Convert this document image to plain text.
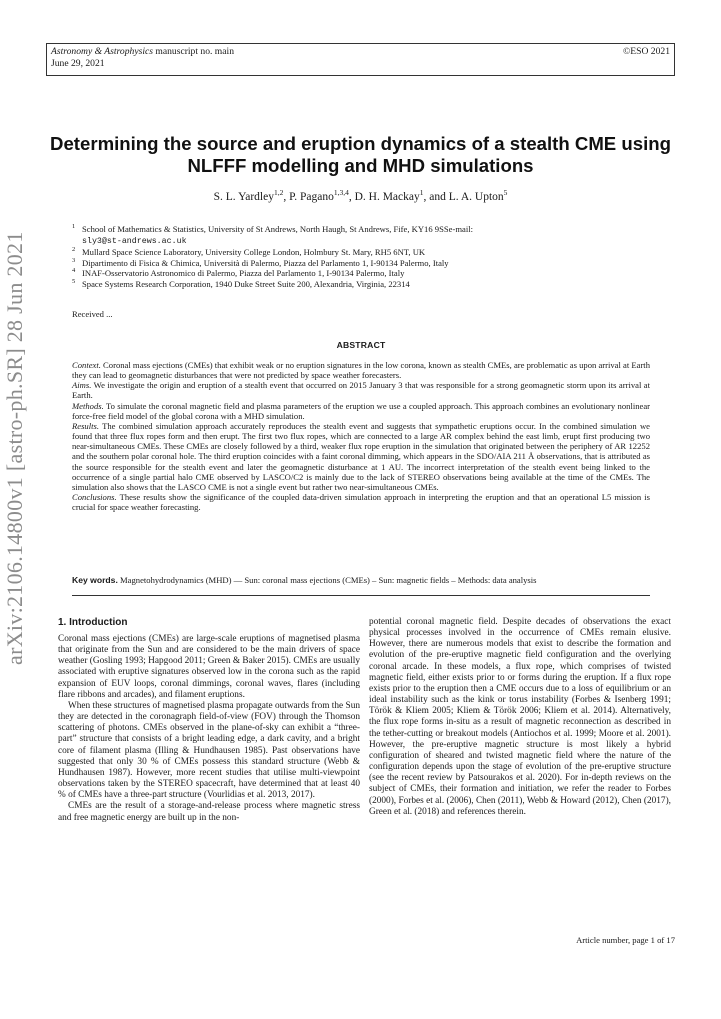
Astronomy & Astrophysics manuscript no. main
June 29, 2021
©ESO 2021
arXiv:2106.14800v1 [astro-ph.SR] 28 Jun 2021
Determining the source and eruption dynamics of a stealth CME using NLFFF modelling and MHD simulations
S. L. Yardley$^{1,2}$, P. Pagano$^{1,3,4}$, D. H. Mackay$^1$, and L. A. Upton$^5$
1 School of Mathematics & Statistics, University of St Andrews, North Haugh, St Andrews, Fife, KY16 9SSe-mail:
sly3@st-andrews.ac.uk
2 Mullard Space Science Laboratory, University College London, Holmbury St. Mary, RH5 6NT, UK
3 Dipartimento di Fisica & Chimica, Università di Palermo, Piazza del Parlamento 1, I-90134 Palermo, Italy
4 INAF-Osservatorio Astronomico di Palermo, Piazza del Parlamento 1, I-90134 Palermo, Italy
5 Space Systems Research Corporation, 1940 Duke Street Suite 200, Alexandria, Virginia, 22314
Received ...
ABSTRACT

Context. Coronal mass ejections (CMEs) that exhibit weak or no eruption signatures in the low corona, known as stealth CMEs, are problematic as upon arrival at Earth they can lead to geomagnetic disturbances that were not predicted by space weather forecasters.

Aims. We investigate the origin and eruption of a stealth event that occurred on 2015 January 3 that was responsible for a strong geomagnetic storm upon its arrival at Earth.

Methods. To simulate the coronal magnetic field and plasma parameters of the eruption we use a coupled approach. This approach combines an evolutionary nonlinear force-free field model of the global corona with a MHD simulation.

Results. The combined simulation approach accurately reproduces the stealth event and suggests that sympathetic eruptions occur. In the combined simulation we found that three flux ropes form and then erupt. The first two flux ropes, which are connected to a large AR complex behind the east limb, erupt first producing two near-simultaneous CMEs. These CMEs are closely followed by a third, weaker flux rope eruption in the simulation that originated between the periphery of AR 12252 and the southern polar coronal hole. The third eruption coincides with a faint coronal dimming, which appears in the SDO/AIA 211 Å observations, that is attributed as the source responsible for the stealth event and later the geomagnetic disturbance at 1 AU. The incorrect interpretation of the stealth event being linked to the occurrence of a single partial halo CME observed by LASCO/C2 is mainly due to the lack of STEREO observations being available at the time of the CMEs. The simulation also shows that the LASCO CME is not a single event but rather two near-simultaneous CMEs.

Conclusions. These results show the significance of the coupled data-driven simulation approach in interpreting the eruption and that an operational L5 mission is crucial for space weather forecasting.

Key words. Magnetohydrodynamics (MHD) — Sun: coronal mass ejections (CMEs) – Sun: magnetic fields – Methods: data analysis
1. Introduction

Coronal mass ejections (CMEs) are large-scale eruptions of magnetised plasma that originate from the Sun and are considered to be the main drivers of space weather (Gosling 1993; Hapgood 2011; Green & Baker 2015). CMEs are usually associated with eruptive signatures observed low in the corona such as the rapid expansion of EUV loops, coronal dimmings, coronal waves, flares (including flare ribbons and arcades), and filament eruptions.

When these structures of magnetised plasma propagate outwards from the Sun they are detected in the coronagraph field-of-view (FOV) through the Thomson scattering of photons. CMEs observed in the plane-of-sky can exhibit a “three-part” structure that consists of a bright leading edge, a dark cavity, and a bright core of filament plasma (Illing & Hundhausen 1985). Past observations have suggested that only 30 % of CMEs possess this standard structure (Webb & Hundhausen 1987). However, more recent studies that utilise multi-viewpoint observations taken by the STEREO spacecraft, have determined that at least 40 % of CMEs have a three-part structure (Vourlidias et al. 2013, 2017).

CMEs are the result of a storage-and-release process where magnetic stress and free magnetic energy are built up in the non-

potential coronal magnetic field. Despite decades of observations the exact physical processes involved in the occurrence of CMEs remain elusive. However, there are numerous models that exist to describe the formation and evolution of the pre-eruptive magnetic field configuration and the overlying coronal arcade. In these models, a flux rope, which comprises of twisted magnetic field, either exists prior to or forms during the eruption. If a flux rope exists prior to the eruption then a CME occurs due to a loss of equilibrium or an ideal instability such as the kink or torus instability (Forbes & Isenberg 1991; Török & Kliem 2005; Kliem & Török 2006; Kliem et al. 2014). Alternatively, the flux rope forms in-situ as a result of magnetic reconnection as described in the tether-cutting or breakout models (Antiochos et al. 1999; Moore et al. 2001). However, the pre-eruptive magnetic structure is most likely a hybrid configuration of sheared and twisted magnetic field where the nature of the configuration depends upon the stage of evolution of the pre-eruptive structure (see the recent review by Patsourakos et al. 2020). For in-depth reviews on the subject of CMEs, their formation and initiation, we refer the reader to Forbes (2000), Forbes et al. (2006), Chen (2011), Webb & Howard (2012), Chen (2017), Green et al. (2018) and references therein.

Article number, page 1 of 17
